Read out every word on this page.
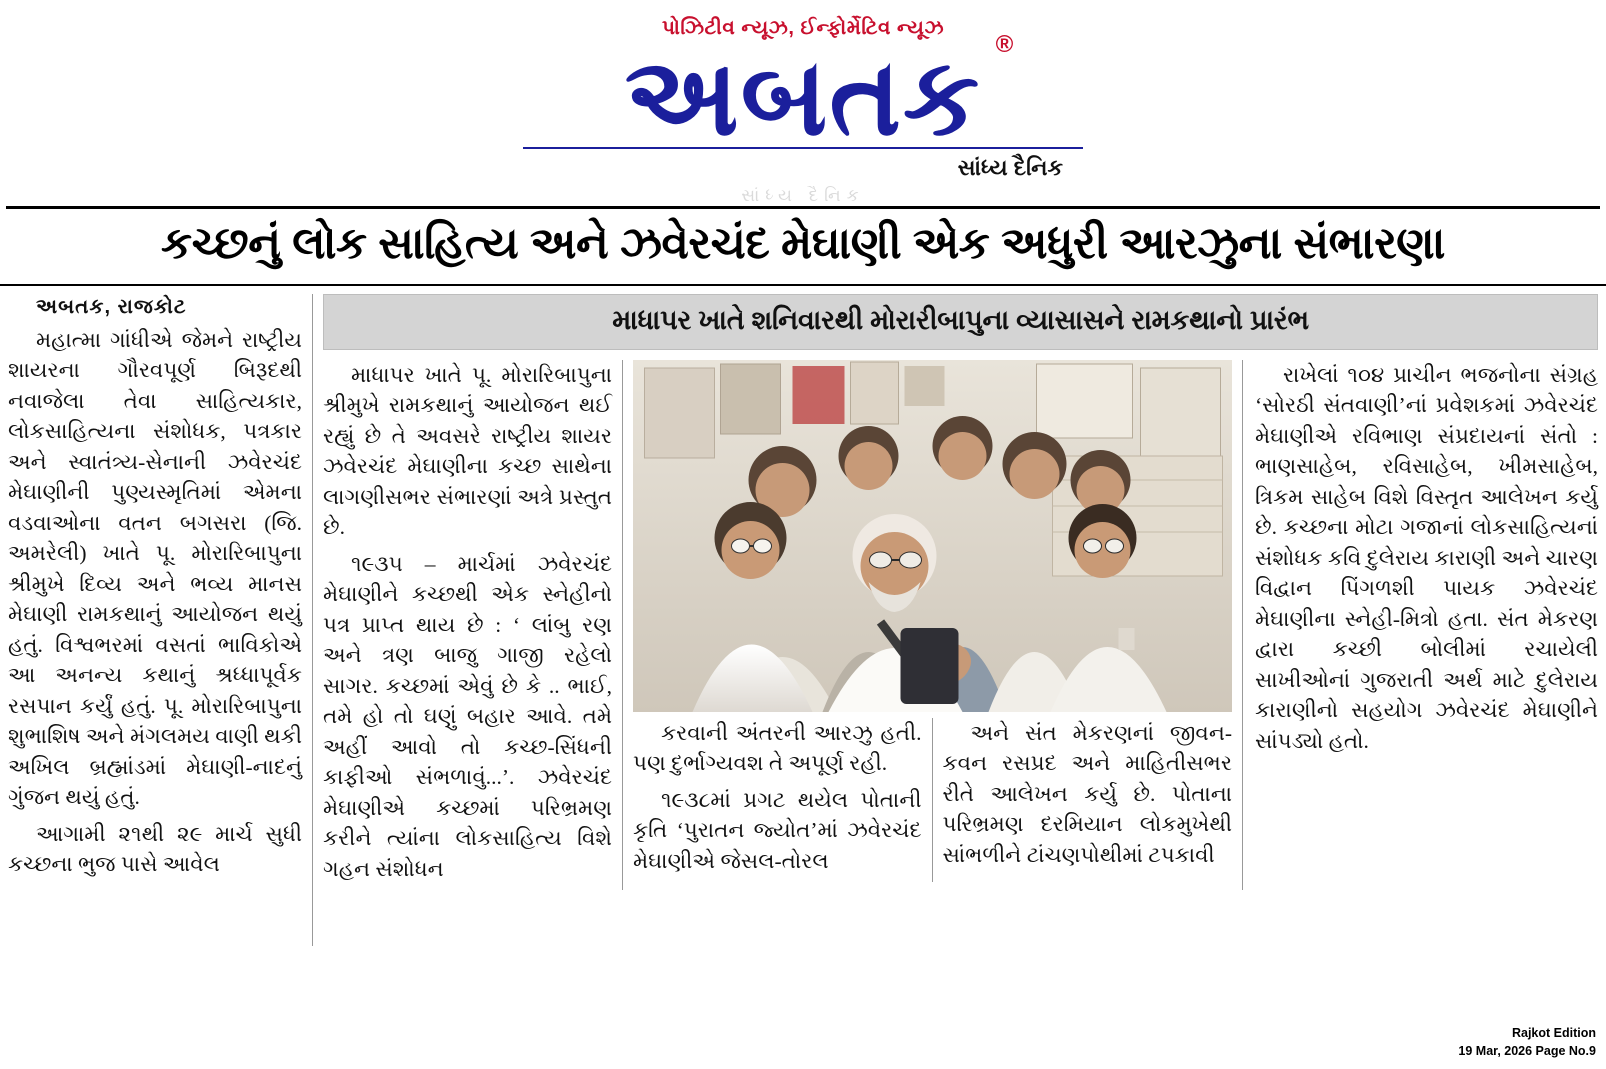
પોઝિટીવ ન્યૂઝ, ઈન્ફોર્મેટિવ ન્યૂઝ
અબતક ®
સાંધ્ય દૈનિક
સાંધ્ય દૈનિક
કચ્છનું લોક સાહિત્ય અને ઝવેરચંદ મેઘાણી એક અધુરી આરઝુના સંભારણા
અબતક, રાજકોટ

મહાત્મા ગાંધીએ જેમને રાષ્ટ્રીય શાયરના ગૌરવપૂર્ણ બિરૂદથી નવાજેલા તેવા સાહિત્યકાર, લોકસાહિત્યના સંશોધક, પત્રકાર અને સ્વાતંત્ર્ય-સેનાની ઝવેરચંદ મેઘાણીની પુણ્યસ્મૃતિમાં એમના વડવાઓના વતન બગસરા (જિ. અમરેલી) ખાતે પૂ. મોરારિબાપુના શ્રીમુખે દિવ્ય અને ભવ્ય માનસ મેઘાણી રામકથાનું આયોજન થયું હતું. વિશ્વભરમાં વસતાં ભાવિકોએ આ અનન્ય કથાનું શ્રધ્ધાપૂર્વક રસપાન કર્યું હતું. પૂ. મોરારિબાપુના શુભાશિષ અને મંગલમય વાણી થકી અખિલ બ્રહ્માંડમાં મેઘાણી-નાદનું ગુંજન થયું હતું.

આગામી ૨૧થી ૨૯ માર્ચ સુધી કચ્છના ભુજ પાસે આવેલ

માધાપર ખાતે શનિવારથી મોરારીબાપુના વ્યાસાસને રામકથાનો પ્રારંભ

માધાપર ખાતે પૂ. મોરારિબાપુના શ્રીમુખે રામકથાનું આયોજન થઈ રહ્યું છે તે અવસરે રાષ્ટ્રીય શાયર ઝવેરચંદ મેઘાણીના કચ્છ સાથેના લાગણીસભર સંભારણાં અત્રે પ્રસ્તુત છે.

૧૯૩૫ – માર્ચમાં ઝવેરચંદ મેઘાણીને કચ્છથી એક સ્નેહીનો પત્ર પ્રાપ્ત થાય છે : ‘ લાંબુ રણ અને ત્રણ બાજુ ગાજી રહેલો સાગર. કચ્છમાં એવું છે કે .. ભાઈ, તમે હો તો ઘણું બહાર આવે. તમે અહીં આવો તો કચ્છ-સિંધની કાફીઓ સંભળાવું...’. ઝવેરચંદ મેઘાણીએ કચ્છમાં પરિભ્રમણ કરીને ત્યાંના લોકસાહિત્ય વિશે ગહન સંશોધન

કરવાની અંતરની આરઝુ હતી. પણ દુર્ભાગ્યવશ તે અપૂર્ણ રહી.

૧૯૩૮માં પ્રગટ થયેલ પોતાની કૃતિ ‘પુરાતન જ્યોત’માં ઝવેરચંદ મેઘાણીએ જેસલ-તોરલ

અને સંત મેકરણનાં જીવન-કવન રસપ્રદ અને માહિતીસભર રીતે આલેખન કર્યુ છે. પોતાના પરિભ્રમણ દરમિયાન લોકમુખેથી સાંભળીને ટાંચણપોથીમાં ટપકાવી

રાખેલાં ૧૦૪ પ્રાચીન ભજનોના સંગ્રહ ‘સોરઠી સંતવાણી’નાં પ્રવેશકમાં ઝવેરચંદ મેઘાણીએ રવિભાણ સંપ્રદાયનાં સંતો : ભાણસાહેબ, રવિસાહેબ, ખીમસાહેબ, ત્રિકમ સાહેબ વિશે વિસ્તૃત આલેખન કર્યુ છે. કચ્છના મોટા ગજાનાં લોકસાહિત્યનાં સંશોધક કવિ દુલેરાય કારાણી અને ચારણ વિદ્વાન પિંગળશી પાયક ઝવેરચંદ મેઘાણીના સ્નેહી-મિત્રો હતા. સંત મેકરણ દ્વારા કચ્છી બોલીમાં રચાયેલી સાખીઓનાં ગુજરાતી અર્થ માટે દુલેરાય કારાણીનો સહયોગ ઝવેરચંદ મેઘાણીને સાંપડ્યો હતો.

Rajkot Edition
19 Mar, 2026 Page No.9
